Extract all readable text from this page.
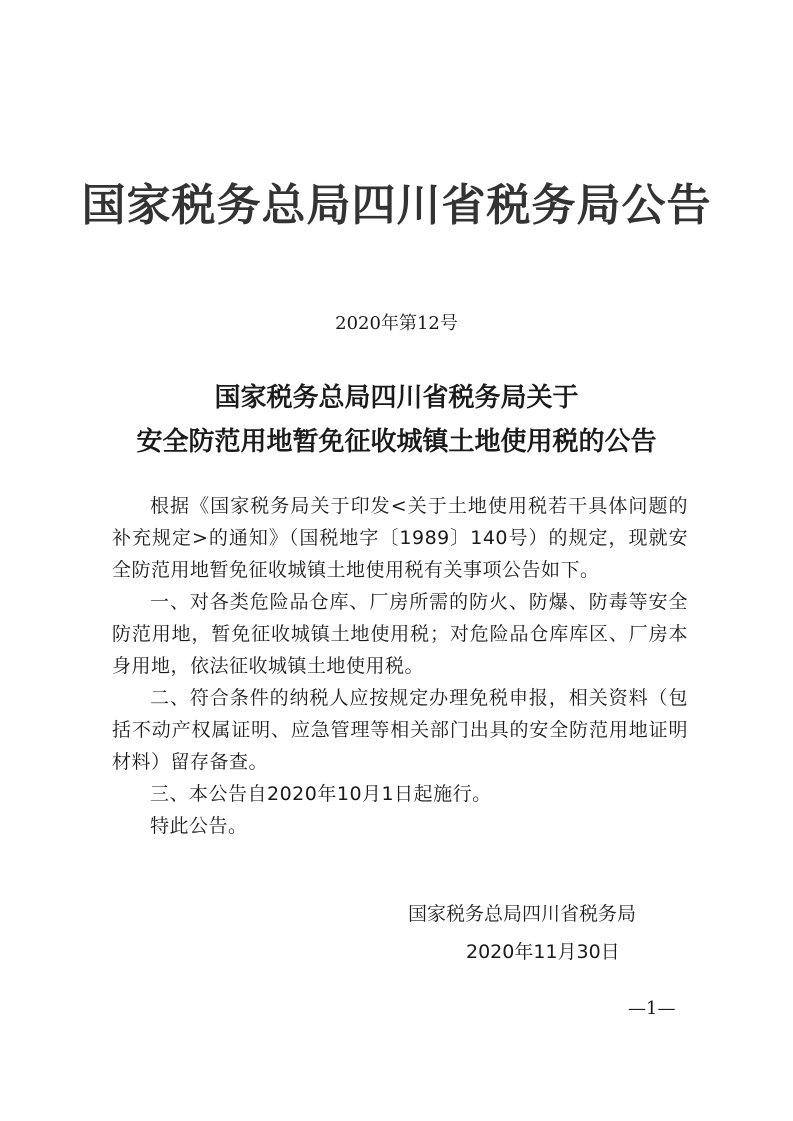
国家税务总局四川省税务局公告
2020年第12号
国家税务总局四川省税务局关于
安全防范用地暂免征收城镇土地使用税的公告

根据《国家税务局关于印发<关于土地使用税若干具体问题的补充规定>的通知》（国税地字〔1989〕140号）的规定，现就安全防范用地暂免征收城镇土地使用税有关事项公告如下。

一、对各类危险品仓库、厂房所需的防火、防爆、防毒等安全防范用地，暂免征收城镇土地使用税；对危险品仓库库区、厂房本身用地，依法征收城镇土地使用税。

二、符合条件的纳税人应按规定办理免税申报，相关资料（包括不动产权属证明、应急管理等相关部门出具的安全防范用地证明材料）留存备查。

三、本公告自2020年10月1日起施行。

特此公告。

国家税务总局四川省税务局
2020年11月30日
—1—
